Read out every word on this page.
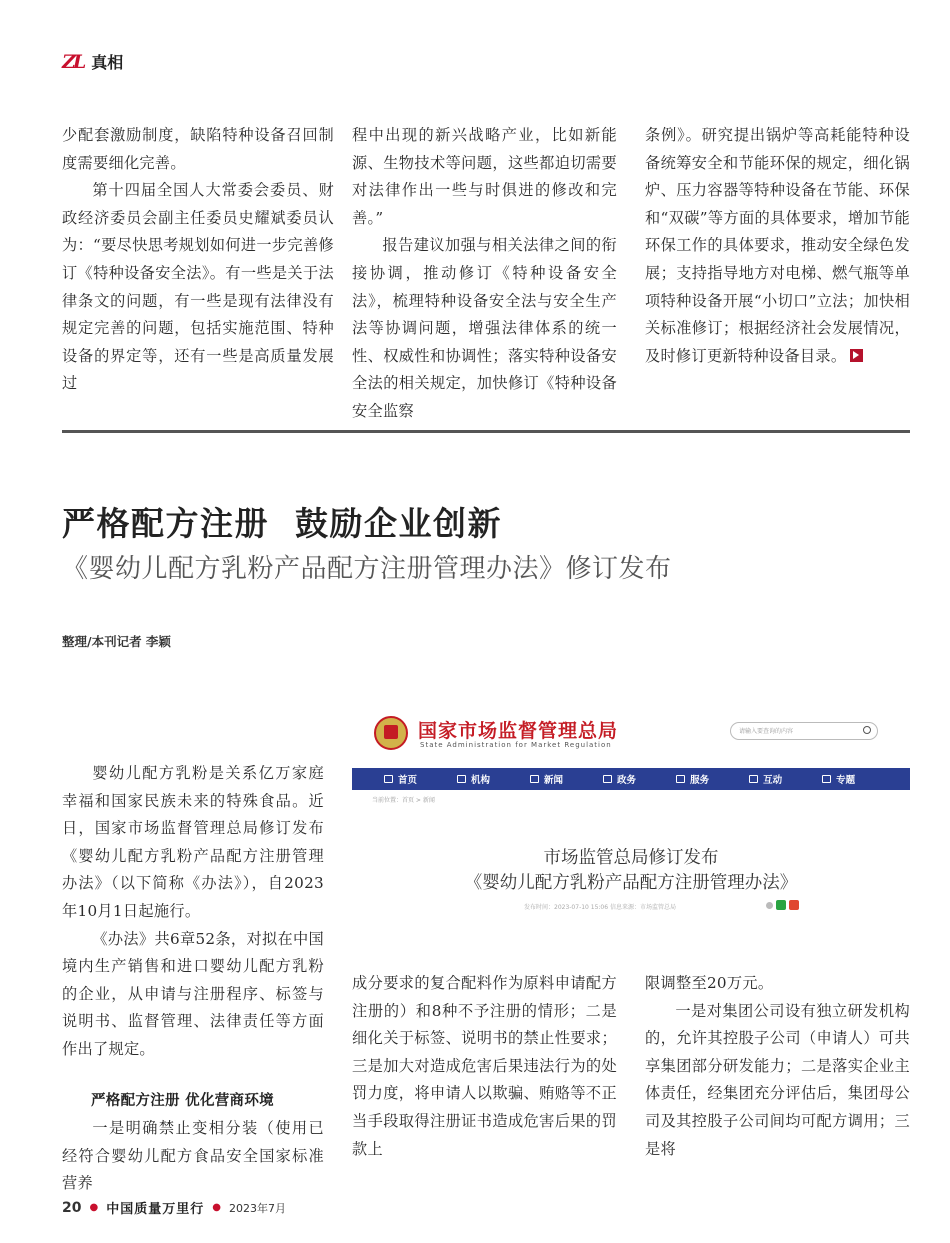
ZL 真相

少配套激励制度，缺陷特种设备召回制度需要细化完善。

第十四届全国人大常委会委员、财政经济委员会副主任委员史耀斌委员认为：“要尽快思考规划如何进一步完善修订《特种设备安全法》。有一些是关于法律条文的问题，有一些是现有法律没有规定完善的问题，包括实施范围、特种设备的界定等，还有一些是高质量发展过

程中出现的新兴战略产业，比如新能源、生物技术等问题，这些都迫切需要对法律作出一些与时俱进的修改和完善。”

报告建议加强与相关法律之间的衔接协调，推动修订《特种设备安全法》，梳理特种设备安全法与安全生产法等协调问题，增强法律体系的统一性、权威性和协调性；落实特种设备安全法的相关规定，加快修订《特种设备安全监察

条例》。研究提出锅炉等高耗能特种设备统筹安全和节能环保的规定，细化锅炉、压力容器等特种设备在节能、环保和“双碳”等方面的具体要求，增加节能环保工作的具体要求，推动安全绿色发展；支持指导地方对电梯、燃气瓶等单项特种设备开展“小切口”立法；加快相关标准修订；根据经济社会发展情况，及时修订更新特种设备目录。

严格配方注册  鼓励企业创新
《婴幼儿配方乳粉产品配方注册管理办法》修订发布
整理/本刊记者 李颖
国家市场监督管理总局
State Administration for Market Regulation
请输入要查询的内容
首页	机构	新闻	政务	服务	互动	专题
当前位置：首页 > 新闻
市场监管总局修订发布
《婴幼儿配方乳粉产品配方注册管理办法》
发布时间：2023-07-10 15:06 信息来源：市场监管总局

婴幼儿配方乳粉是关系亿万家庭幸福和国家民族未来的特殊食品。近日，国家市场监督管理总局修订发布《婴幼儿配方乳粉产品配方注册管理办法》（以下简称《办法》），自2023年10月1日起施行。

《办法》共6章52条，对拟在中国境内生产销售和进口婴幼儿配方乳粉的企业，从申请与注册程序、标签与说明书、监督管理、法律责任等方面作出了规定。

严格配方注册 优化营商环境

一是明确禁止变相分装（使用已经符合婴幼儿配方食品安全国家标准营养

成分要求的复合配料作为原料申请配方注册的）和8种不予注册的情形；二是细化关于标签、说明书的禁止性要求；三是加大对造成危害后果违法行为的处罚力度，将申请人以欺骗、贿赂等不正当手段取得注册证书造成危害后果的罚款上

限调整至20万元。

一是对集团公司设有独立研发机构的，允许其控股子公司（申请人）可共享集团部分研发能力；二是落实企业主体责任，经集团充分评估后，集团母公司及其控股子公司间均可配方调用；三是将

20 ● 中国质量万里行 ● 2023年7月
